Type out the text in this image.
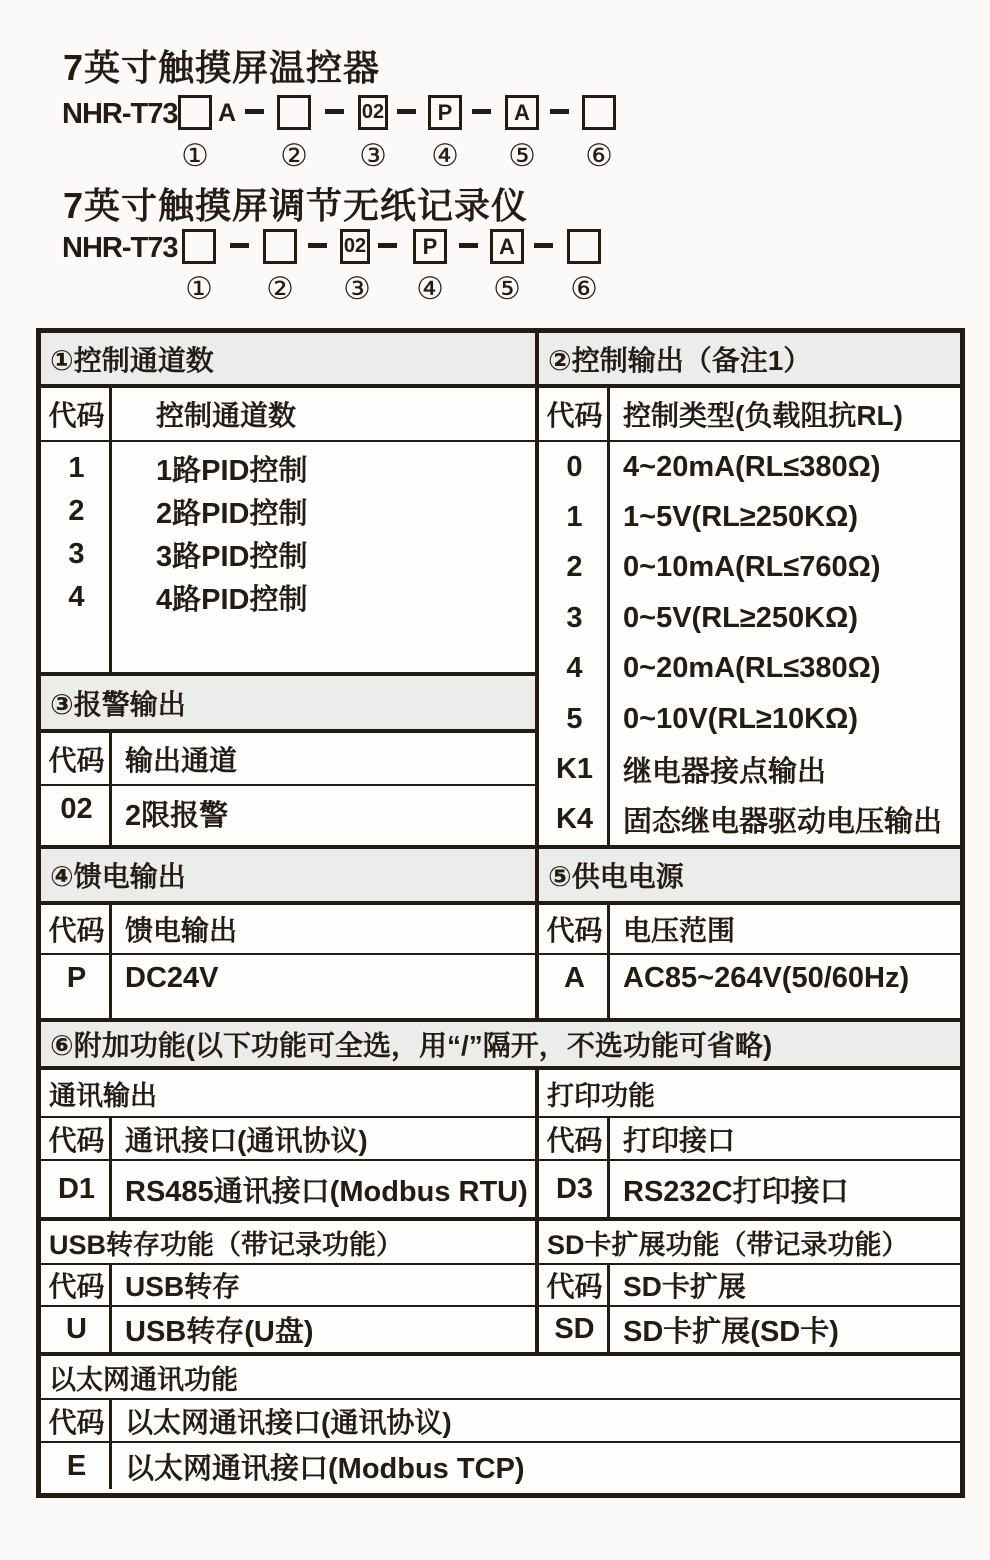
7英寸触摸屏温控器
NHR-T73 A	02	P	A
① ② ③ ④ ⑤ ⑥
7英寸触摸屏调节无纸记录仪
NHR-T73	02	P	A
① ② ③ ④ ⑤ ⑥
①控制通道数
代码	控制通道数
1	1路PID控制
2	2路PID控制
3	3路PID控制
4	4路PID控制
③报警输出
代码 输出通道
02	2限报警
②控制输出（备注1）
代码 控制类型(负载阻抗RL)
0	4~20mA(RL≤380Ω)
1	1~5V(RL≥250KΩ)
2	0~10mA(RL≤760Ω)
3	0~5V(RL≥250KΩ)
4	0~20mA(RL≤380Ω)
5	0~10V(RL≥10KΩ)
K1	继电器接点输出
K4	固态继电器驱动电压输出
④馈电输出
代码 馈电输出
P	DC24V
⑤供电电源
代码 电压范围
A	AC85~264V(50/60Hz)
⑥附加功能(以下功能可全选，用“/”隔开，不选功能可省略)
通讯输出
代码 通讯接口(通讯协议)
D1	RS485通讯接口(Modbus RTU)
打印功能
代码 打印接口
D3	RS232C打印接口
USB转存功能（带记录功能）
代码 USB转存
U	USB转存(U盘)
SD卡扩展功能（带记录功能）
代码 SD卡扩展
SD SD卡扩展(SD卡)
以太网通讯功能
代码 以太网通讯接口(通讯协议)
E	以太网通讯接口(Modbus TCP)
